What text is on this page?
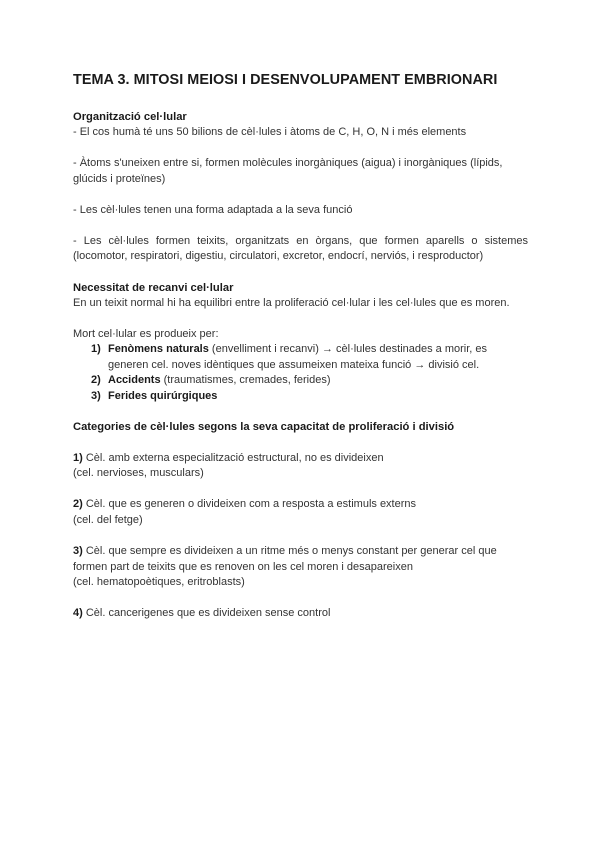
TEMA 3. MITOSI MEIOSI I DESENVOLUPAMENT EMBRIONARI
Organització cel·lular

- El cos humà té uns 50 bilions de cèl·lules i àtoms de C, H, O, N i més elements

- Àtoms s'uneixen entre si, formen molècules inorgàniques (aigua) i inorgàniques (lípids, glúcids i proteïnes)

- Les cèl·lules tenen una forma adaptada a la seva funció

- Les cèl·lules formen teixits, organitzats en òrgans, que formen aparells o sistemes (locomotor, respiratori, digestiu, circulatori, excretor, endocrí, nerviós, i resproductor)

Necessitat de recanvi cel·lular

En un teixit normal hi ha equilibri entre la proliferació cel·lular i les cel·lules que es moren.

Mort cel·lular es produeix per:

1) Fenòmens naturals (envelliment i recanvi) → cèl·lules destinades a morir, es generen cel. noves idèntiques que assumeixen mateixa funció → divisió cel.
2) Accidents (traumatismes, cremades, ferides)
3) Ferides quirúrgiques
Categories de cèl·lules segons la seva capacitat de proliferació i divisió

1) Cèl. amb externa especialització estructural, no es divideixen

(cel. nervioses, musculars)

2) Cèl. que es generen o divideixen com a resposta a estimuls externs

(cel. del fetge)

3) Cèl. que sempre es divideixen a un ritme més o menys constant per generar cel que formen part de teixits que es renoven on les cel moren i desapareixen

(cel. hematopoètiques, eritroblasts)

4) Cèl. cancerigenes que es divideixen sense control
